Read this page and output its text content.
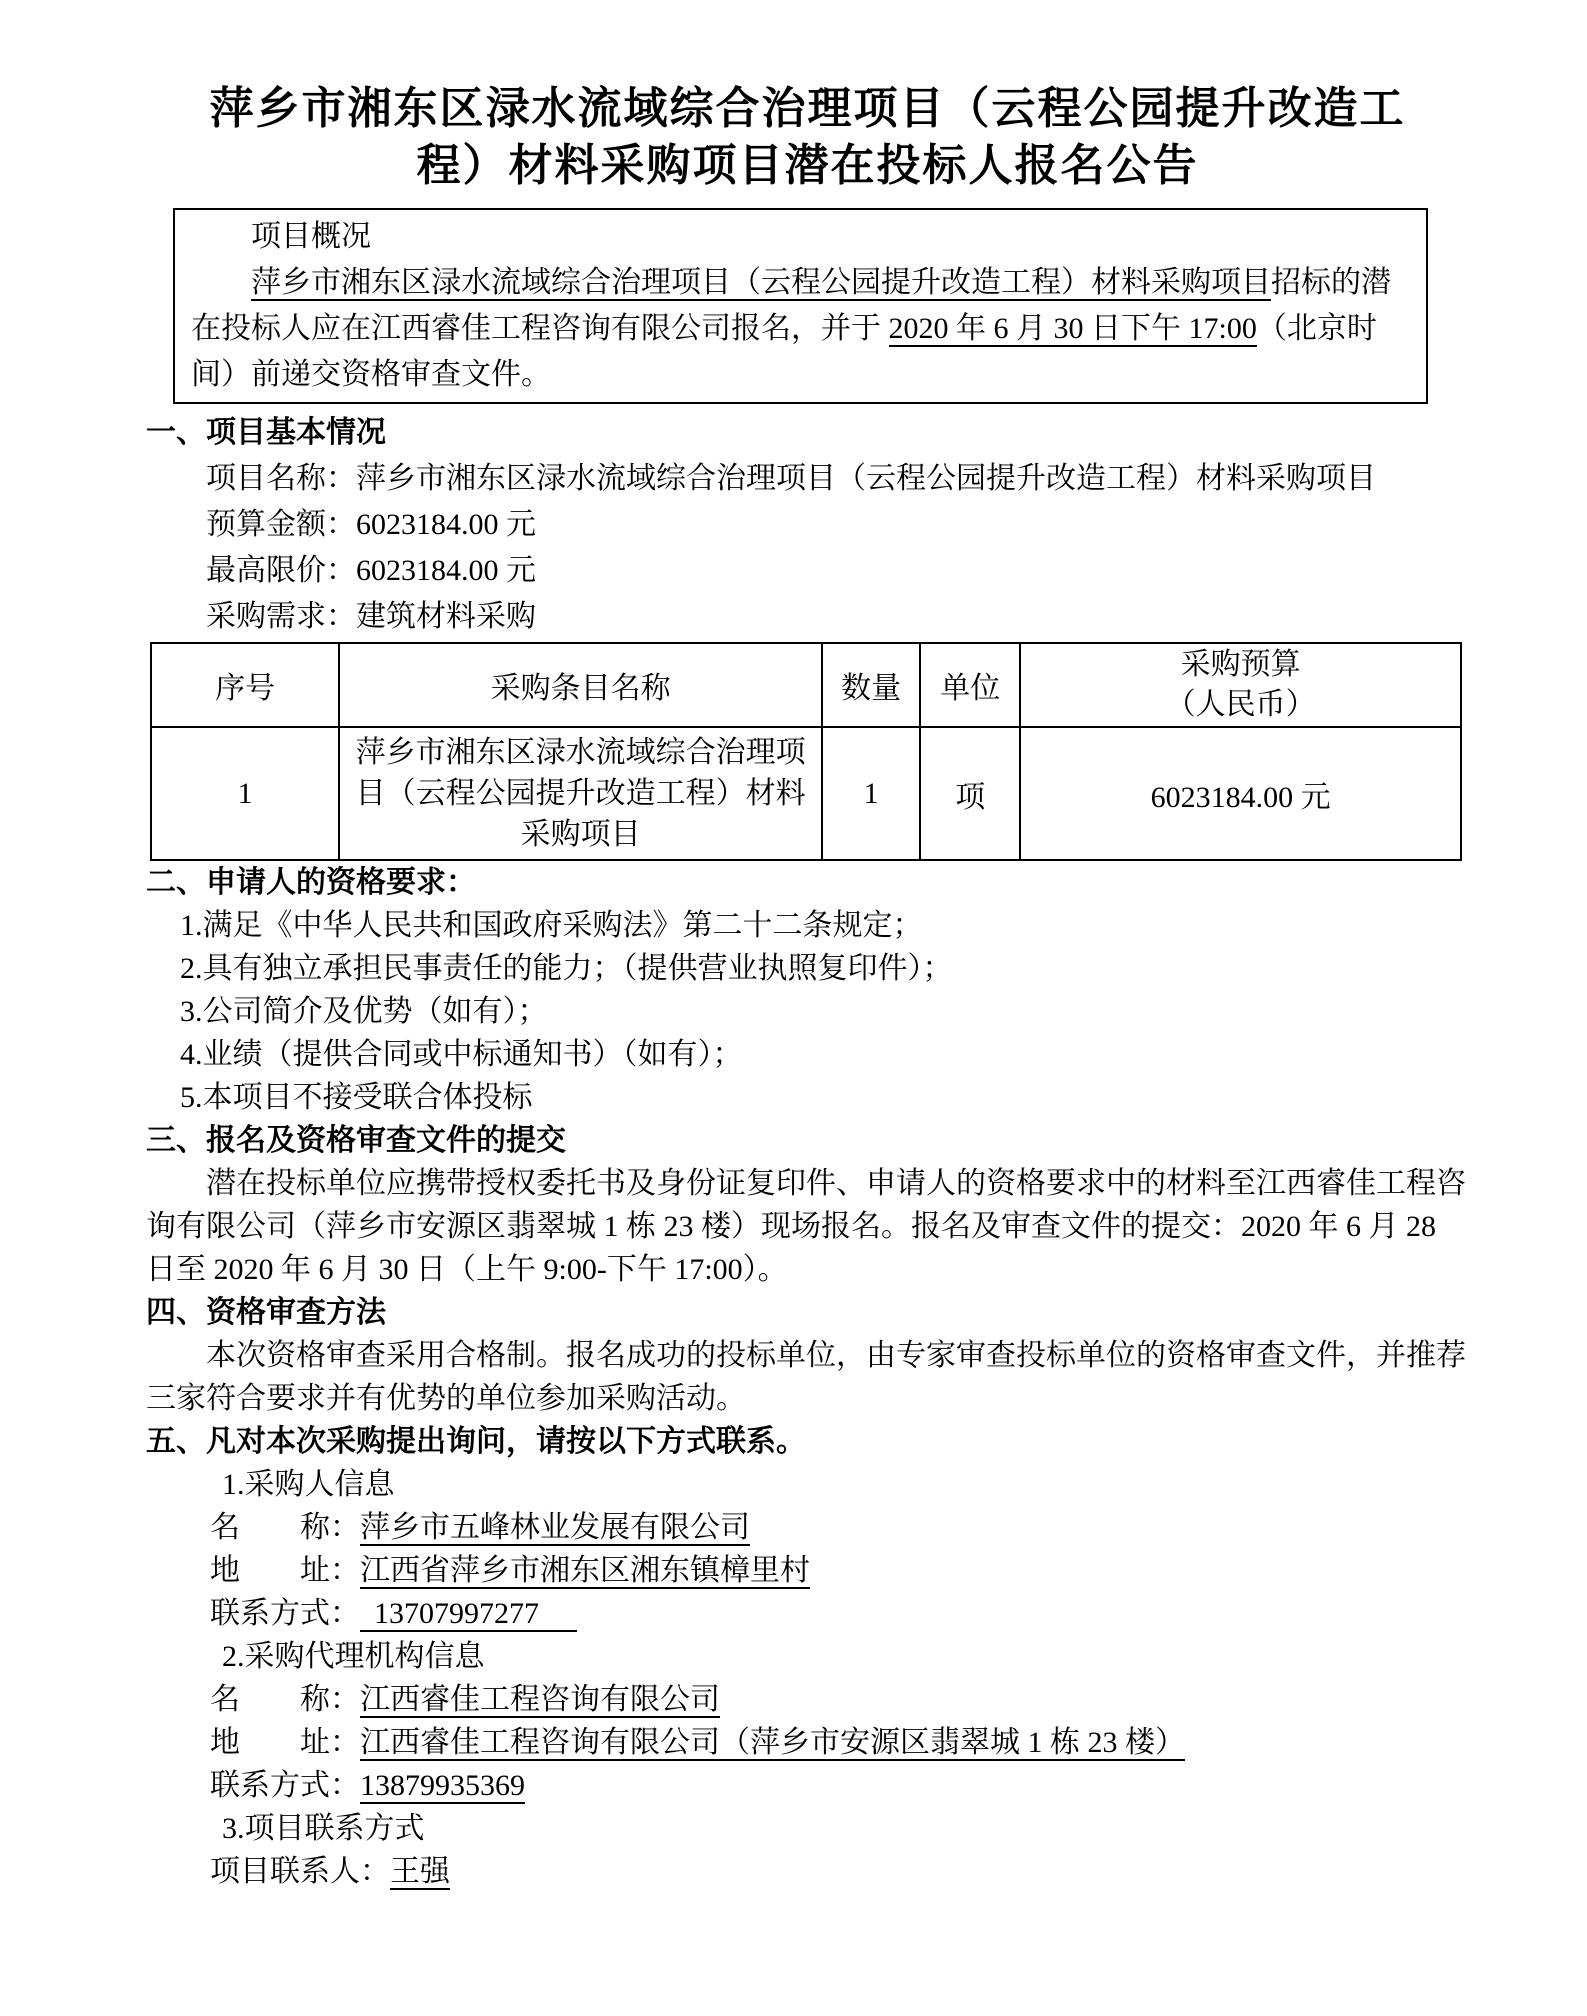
萍乡市湘东区渌水流域综合治理项目（云程公园提升改造工
程）材料采购项目潜在投标人报名公告
项目概况

萍乡市湘东区渌水流域综合治理项目（云程公园提升改造工程）材料采购项目招标的潜在投标人应在江西睿佳工程咨询有限公司报名，并于 2020 年 6 月 30 日下午 17:00（北京时间）前递交资格审查文件。

一、项目基本情况

项目名称：萍乡市湘东区渌水流域综合治理项目（云程公园提升改造工程）材料采购项目

预算金额：6023184.00 元
最高限价：6023184.00 元
采购需求：建筑材料采购
序号	采购条目名称	数量	单位	采购预算
（人民币）
1	萍乡市湘东区渌水流域综合治理项目（云程公园提升改造工程）材料采购项目	1	项	6023184.00 元
二、申请人的资格要求：
1.满足《中华人民共和国政府采购法》第二十二条规定；
2.具有独立承担民事责任的能力；（提供营业执照复印件）；
3.公司简介及优势（如有）；
4.业绩（提供合同或中标通知书）（如有）；
5.本项目不接受联合体投标
三、报名及资格审查文件的提交

潜在投标单位应携带授权委托书及身份证复印件、申请人的资格要求中的材料至江西睿佳工程咨询有限公司（萍乡市安源区翡翠城 1 栋 23 楼）现场报名。报名及审查文件的提交：2020 年 6 月 28 日至 2020 年 6 月 30 日（上午 9:00-下午 17:00）。

四、资格审查方法

本次资格审查采用合格制。报名成功的投标单位，由专家审查投标单位的资格审查文件，并推荐三家符合要求并有优势的单位参加采购活动。

五、凡对本次采购提出询问，请按以下方式联系。
1.采购人信息
名　　称：萍乡市五峰林业发展有限公司
地　　址：江西省萍乡市湘东区湘东镇樟里村
联系方式： 13707997277
2.采购代理机构信息
名　　称：江西睿佳工程咨询有限公司
地　　址：江西睿佳工程咨询有限公司（萍乡市安源区翡翠城 1 栋 23 楼）
联系方式：13879935369
3.项目联系方式
项目联系人：王强
